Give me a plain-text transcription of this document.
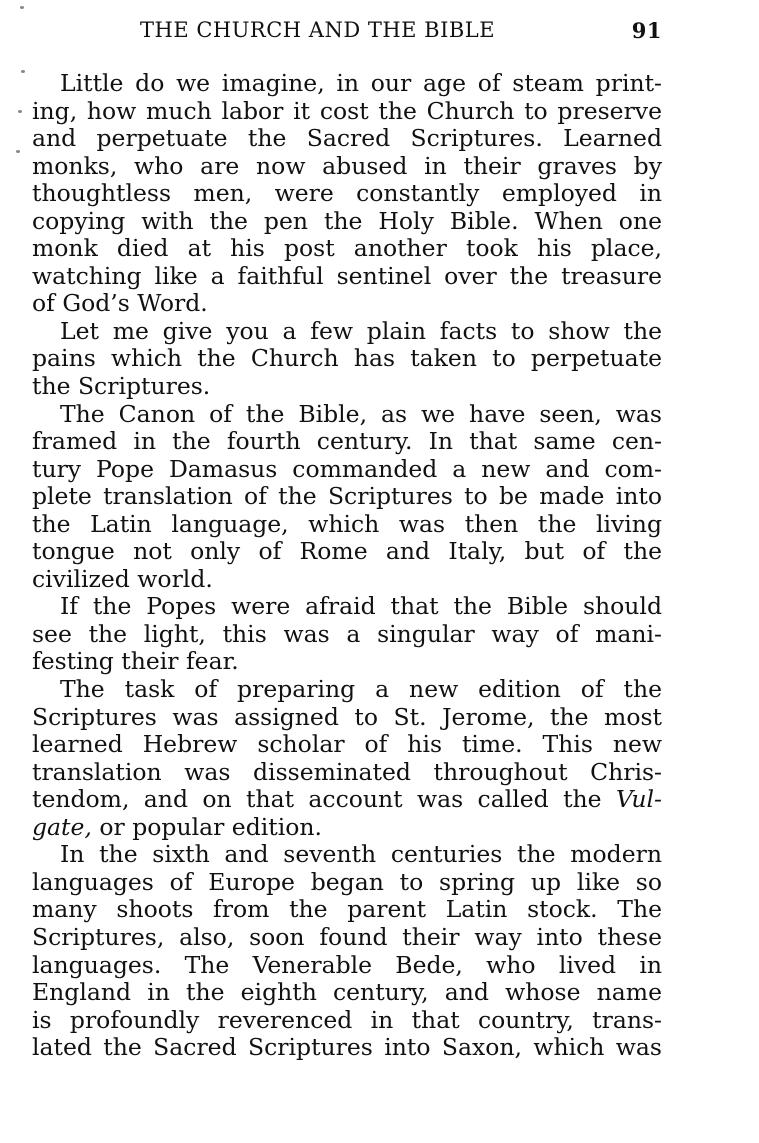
THE CHURCH AND THE BIBLE	91
Little do we imagine, in our age of steam print-
ing, how much labor it cost the Church to preserve
and perpetuate the Sacred Scriptures. Learned
monks, who are now abused in their graves by
thoughtless men, were constantly employed in
copying with the pen the Holy Bible. When one
monk died at his post another took his place,
watching like a faithful sentinel over the treasure
of God’s Word.
Let me give you a few plain facts to show the
pains which the Church has taken to perpetuate
the Scriptures.
The Canon of the Bible, as we have seen, was
framed in the fourth century. In that same cen-
tury Pope Damasus commanded a new and com-
plete translation of the Scriptures to be made into
the Latin language, which was then the living
tongue not only of Rome and Italy, but of the
civilized world.
If the Popes were afraid that the Bible should
see the light, this was a singular way of mani-
festing their fear.
The task of preparing a new edition of the
Scriptures was assigned to St. Jerome, the most
learned Hebrew scholar of his time. This new
translation was disseminated throughout Chris-
tendom, and on that account was called the Vul-
gate, or popular edition.
In the sixth and seventh centuries the modern
languages of Europe began to spring up like so
many shoots from the parent Latin stock. The
Scriptures, also, soon found their way into these
languages. The Venerable Bede, who lived in
England in the eighth century, and whose name
is profoundly reverenced in that country, trans-
lated the Sacred Scriptures into Saxon, which was
